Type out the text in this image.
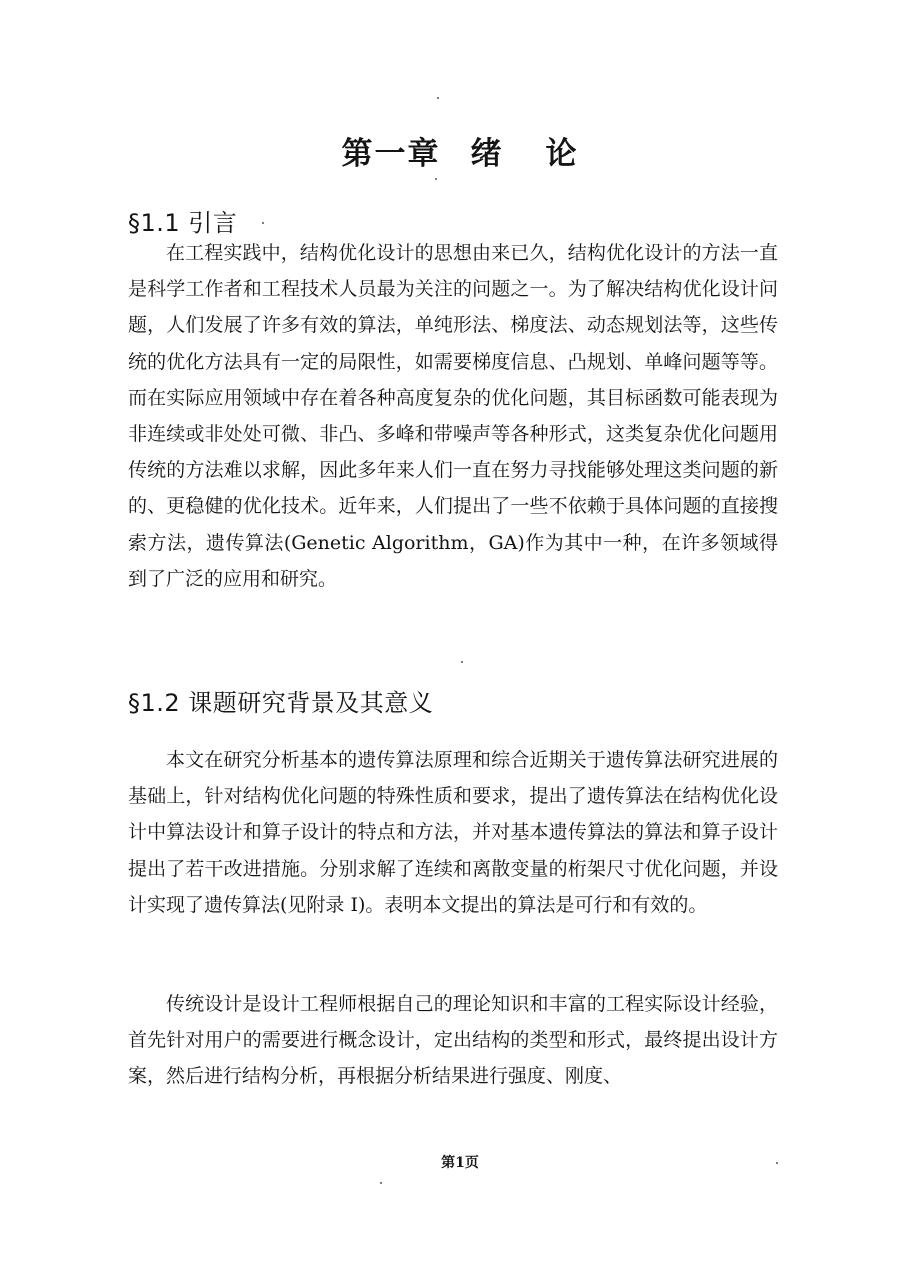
第一章 绪 论
§1.1 引言

在工程实践中，结构优化设计的思想由来已久，结构优化设计的方法一直是科学工作者和工程技术人员最为关注的问题之一。为了解决结构优化设计问题，人们发展了许多有效的算法，单纯形法、梯度法、动态规划法等，这些传统的优化方法具有一定的局限性，如需要梯度信息、凸规划、单峰问题等等。而在实际应用领域中存在着各种高度复杂的优化问题，其目标函数可能表现为非连续或非处处可微、非凸、多峰和带噪声等各种形式，这类复杂优化问题用传统的方法难以求解，因此多年来人们一直在努力寻找能够处理这类问题的新的、更稳健的优化技术。近年来，人们提出了一些不依赖于具体问题的直接搜索方法，遗传算法(Genetic Algorithm，GA)作为其中一种，在许多领域得到了广泛的应用和研究。

§1.2 课题研究背景及其意义

本文在研究分析基本的遗传算法原理和综合近期关于遗传算法研究进展的基础上，针对结构优化问题的特殊性质和要求，提出了遗传算法在结构优化设计中算法设计和算子设计的特点和方法，并对基本遗传算法的算法和算子设计提出了若干改进措施。分别求解了连续和离散变量的桁架尺寸优化问题，并设计实现了遗传算法(见附录 I)。表明本文提出的算法是可行和有效的。

传统设计是设计工程师根据自己的理论知识和丰富的工程实际设计经验，首先针对用户的需要进行概念设计，定出结构的类型和形式，最终提出设计方案，然后进行结构分析，再根据分析结果进行强度、刚度、

第1页
